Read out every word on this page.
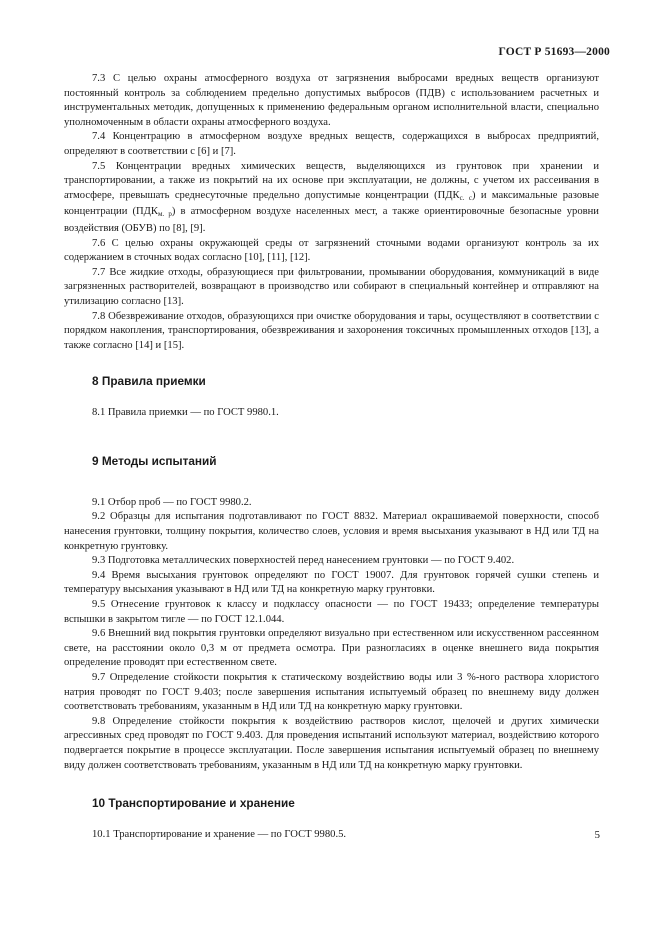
ГОСТ Р 51693—2000

7.3 С целью охраны атмосферного воздуха от загрязнения выбросами вредных веществ организуют постоянный контроль за соблюдением предельно допустимых выбросов (ПДВ) с использованием расчетных и инструментальных методик, допущенных к применению федеральным органом исполнительной власти, специально уполномоченным в области охраны атмосферного воздуха.

7.4 Концентрацию в атмосферном воздухе вредных веществ, содержащихся в выбросах предприятий, определяют в соответствии с [6] и [7].

7.5 Концентрации вредных химических веществ, выделяющихся из грунтовок при хранении и транспортировании, а также из покрытий на их основе при эксплуатации, не должны, с учетом их рассеивания в атмосфере, превышать среднесуточные предельно допустимые концентрации $(ПДК_{с. с})$ и максимальные разовые концентрации $(ПДК_{м. р})$ в атмосферном воздухе населенных мест, а также ориентировочные безопасные уровни воздействия (ОБУВ) по [8], [9].

7.6 С целью охраны окружающей среды от загрязнений сточными водами организуют контроль за их содержанием в сточных водах согласно [10], [11], [12].

7.7 Все жидкие отходы, образующиеся при фильтровании, промывании оборудования, коммуникаций в виде загрязненных растворителей, возвращают в производство или собирают в специальный контейнер и отправляют на утилизацию согласно [13].

7.8 Обезвреживание отходов, образующихся при очистке оборудования и тары, осуществляют в соответствии с порядком накопления, транспортирования, обезвреживания и захоронения токсичных промышленных отходов [13], а также согласно [14] и [15].

8 Правила приемки

8.1 Правила приемки — по ГОСТ 9980.1.

9 Методы испытаний

9.1 Отбор проб — по ГОСТ 9980.2.

9.2 Образцы для испытания подготавливают по ГОСТ 8832. Материал окрашиваемой поверхности, способ нанесения грунтовки, толщину покрытия, количество слоев, условия и время высыхания указывают в НД или ТД на конкретную грунтовку.

9.3 Подготовка металлических поверхностей перед нанесением грунтовки — по ГОСТ 9.402.

9.4 Время высыхания грунтовок определяют по ГОСТ 19007. Для грунтовок горячей сушки степень и температуру высыхания указывают в НД или ТД на конкретную марку грунтовки.

9.5 Отнесение грунтовок к классу и подклассу опасности — по ГОСТ 19433; определение температуры вспышки в закрытом тигле — по ГОСТ 12.1.044.

9.6 Внешний вид покрытия грунтовки определяют визуально при естественном или искусственном рассеянном свете, на расстоянии около 0,3 м от предмета осмотра. При разногласиях в оценке внешнего вида покрытия определение проводят при естественном свете.

9.7 Определение стойкости покрытия к статическому воздействию воды или 3 %-ного раствора хлористого натрия проводят по ГОСТ 9.403; после завершения испытания испытуемый образец по внешнему виду должен соответствовать требованиям, указанным в НД или ТД на конкретную марку грунтовки.

9.8 Определение стойкости покрытия к воздействию растворов кислот, щелочей и других химически агрессивных сред проводят по ГОСТ 9.403. Для проведения испытаний используют материал, воздействию которого подвергается покрытие в процессе эксплуатации. После завершения испытания испытуемый образец по внешнему виду должен соответствовать требованиям, указанным в НД или ТД на конкретную марку грунтовки.

10 Транспортирование и хранение

10.1 Транспортирование и хранение — по ГОСТ 9980.5.	5
